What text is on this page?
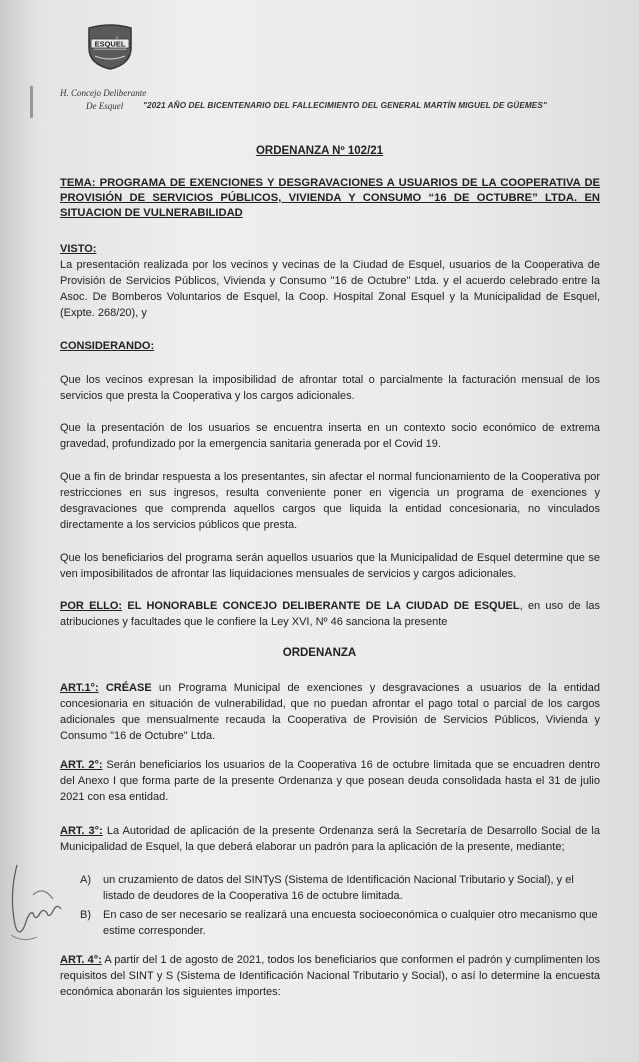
ESQUEL
H. Concejo Deliberante
De Esquel "2021 AÑO DEL BICENTENARIO DEL FALLECIMIENTO DEL GENERAL MARTÍN MIGUEL DE GÜEMES"
ORDENANZA Nº 102/21
TEMA: PROGRAMA DE EXENCIONES Y DESGRAVACIONES A USUARIOS DE LA COOPERATIVA DE PROVISIÓN DE SERVICIOS PÚBLICOS, VIVIENDA Y CONSUMO “16 DE OCTUBRE” LTDA. EN SITUACION DE VULNERABILIDAD
VISTO:
La presentación realizada por los vecinos y vecinas de la Ciudad de Esquel, usuarios de la Cooperativa de Provisión de Servicios Públicos, Vivienda y Consumo "16 de Octubre" Ltda. y el acuerdo celebrado entre la Asoc. De Bomberos Voluntarios de Esquel, la Coop. Hospital Zonal Esquel y la Municipalidad de Esquel, (Expte. 268/20), y
CONSIDERANDO:
Que los vecinos expresan la imposibilidad de afrontar total o parcialmente la facturación mensual de los servicios que presta la Cooperativa y los cargos adicionales.
Que la presentación de los usuarios se encuentra inserta en un contexto socio económico de extrema gravedad, profundizado por la emergencia sanitaria generada por el Covid 19.
Que a fin de brindar respuesta a los presentantes, sin afectar el normal funcionamiento de la Cooperativa por restricciones en sus ingresos, resulta conveniente poner en vigencia un programa de exenciones y desgravaciones que comprenda aquellos cargos que liquida la entidad concesionaria, no vinculados directamente a los servicios públicos que presta.
Que los beneficiarios del programa serán aquellos usuarios que la Municipalidad de Esquel determine que se ven imposibilitados de afrontar las liquidaciones mensuales de servicios y cargos adicionales.
POR ELLO: EL HONORABLE CONCEJO DELIBERANTE DE LA CIUDAD DE ESQUEL, en uso de las atribuciones y facultades que le confiere la Ley XVI, Nº 46 sanciona la presente
ORDENANZA
ART.1°: CRÉASE un Programa Municipal de exenciones y desgravaciones a usuarios de la entidad concesionaria en situación de vulnerabilidad, que no puedan afrontar el pago total o parcial de los cargos adicionales que mensualmente recauda la Cooperativa de Provisión de Servicios Públicos, Vivienda y Consumo "16 de Octubre" Ltda.
ART. 2°: Serán beneficiarios los usuarios de la Cooperativa 16 de octubre limitada que se encuadren dentro del Anexo I que forma parte de la presente Ordenanza y que posean deuda consolidada hasta el 31 de julio 2021 con esa entidad.
ART. 3°: La Autoridad de aplicación de la presente Ordenanza será la Secretaría de Desarrollo Social de la Municipalidad de Esquel, la que deberá elaborar un padrón para la aplicación de la presente, mediante;
A) un cruzamiento de datos del SINTyS (Sistema de Identificación Nacional Tributario y Social), y el listado de deudores de la Cooperativa 16 de octubre limitada.
B) En caso de ser necesario se realizará una encuesta socioeconómica o cualquier otro mecanismo que estime corresponder.
ART. 4°: A partir del 1 de agosto de 2021, todos los beneficiarios que conformen el padrón y cumplimenten los requisitos del SINT y S (Sistema de Identificación Nacional Tributario y Social), o así lo determine la encuesta económica abonarán los siguientes importes:
